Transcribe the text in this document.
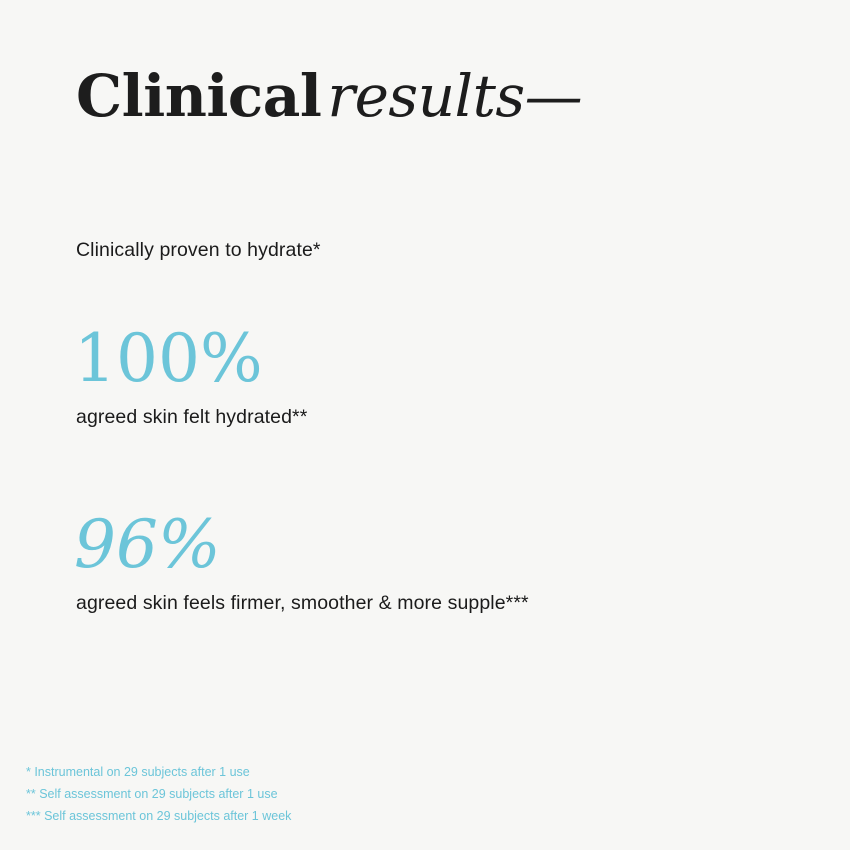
Clinical results—
Clinically proven to hydrate*
100%
agreed skin felt hydrated**
96%
agreed skin feels firmer, smoother & more supple***
* Instrumental on 29 subjects after 1 use
** Self assessment on 29 subjects after 1 use
*** Self assessment on 29 subjects after 1 week
